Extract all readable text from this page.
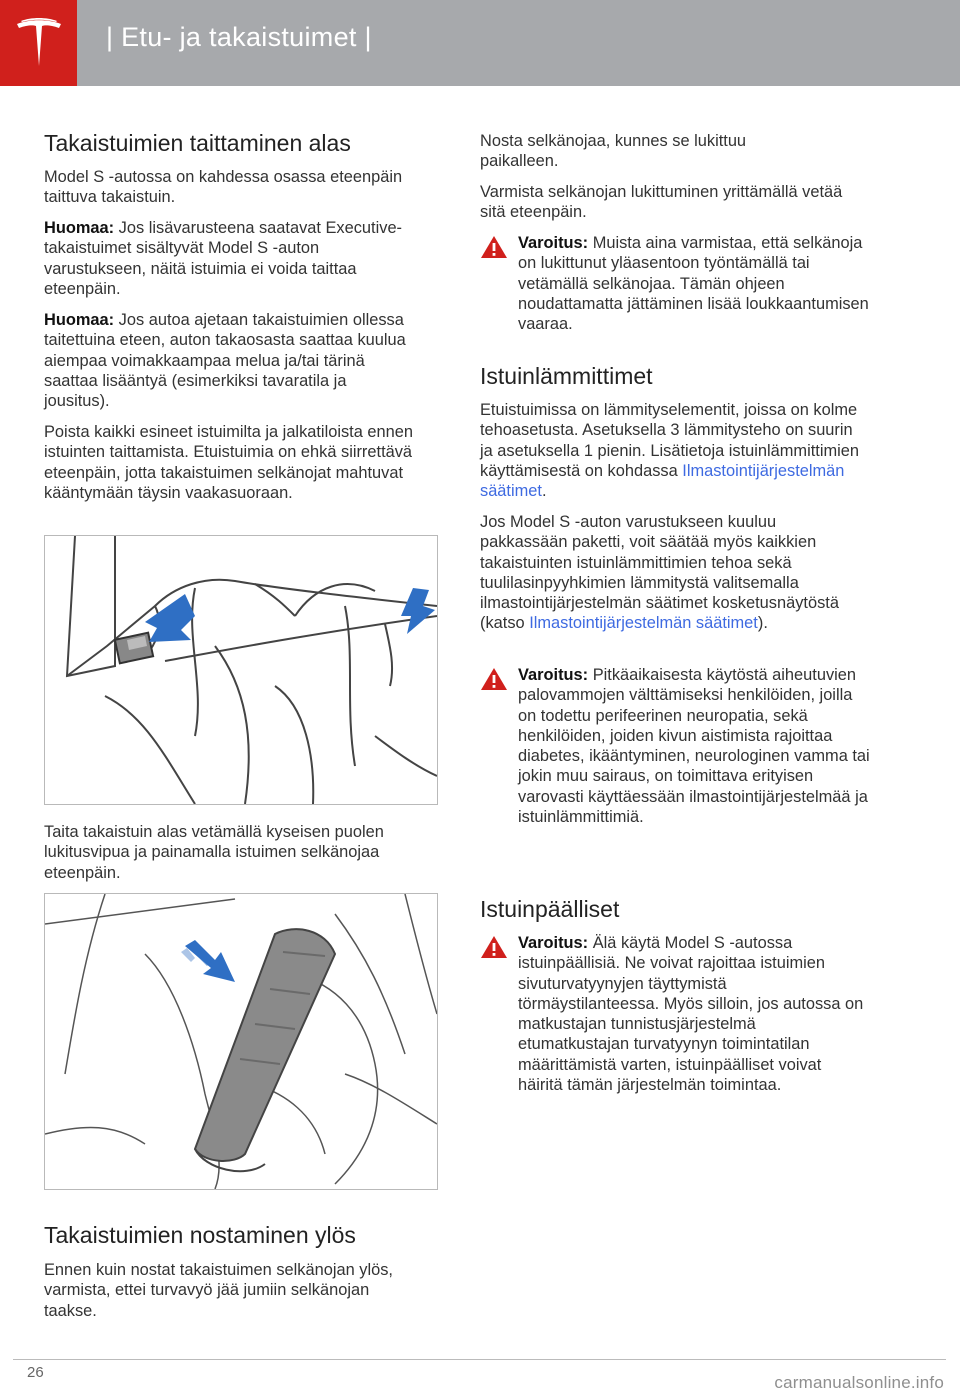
| Etu- ja takaistuimet |
Takaistuimien taittaminen alas

Model S -autossa on kahdessa osassa eteenpäin taittuva takaistuin.

Huomaa: Jos lisävarusteena saatavat Executive-takaistuimet sisältyvät Model S -auton varustukseen, näitä istuimia ei voida taittaa eteenpäin.

Huomaa: Jos autoa ajetaan takaistuimien ollessa taitettuina eteen, auton takaosasta saattaa kuulua aiempaa voimakkaampaa melua ja/tai tärinä saattaa lisääntyä (esimerkiksi tavaratila ja jousitus).

Poista kaikki esineet istuimilta ja jalkatiloista ennen istuinten taittamista. Etuistuimia on ehkä siirrettävä eteenpäin, jotta takaistuimen selkänojat mahtuvat kääntymään täysin vaakasuoraan.

Taita takaistuin alas vetämällä kyseisen puolen lukitusvipua ja painamalla istuimen selkänojaa eteenpäin.

Takaistuimien nostaminen ylös

Ennen kuin nostat takaistuimen selkänojan ylös, varmista, ettei turvavyö jää jumiin selkänojan taakse.

Nosta selkänojaa, kunnes se lukittuu paikalleen.

Varmista selkänojan lukittuminen yrittämällä vetää sitä eteenpäin.

Varoitus: Muista aina varmistaa, että selkänoja on lukittunut yläasentoon työntämällä tai vetämällä selkänojaa. Tämän ohjeen noudattamatta jättäminen lisää loukkaantumisen vaaraa.
Istuinlämmittimet

Etuistuimissa on lämmityselementit, joissa on kolme tehoasetusta. Asetuksella 3 lämmitysteho on suurin ja asetuksella 1 pienin. Lisätietoja istuinlämmittimien käyttämisestä on kohdassa Ilmastointijärjestelmän säätimet.

Jos Model S -auton varustukseen kuuluu pakkassään paketti, voit säätää myös kaikkien takaistuinten istuinlämmittimien tehoa sekä tuulilasinpyyhkimien lämmitystä valitsemalla ilmastointijärjestelmän säätimet kosketusnäytöstä (katso Ilmastointijärjestelmän säätimet).

Varoitus: Pitkäaikaisesta käytöstä aiheutuvien palovammojen välttämiseksi henkilöiden, joilla on todettu perifeerinen neuropatia, sekä henkilöiden, joiden kivun aistimista rajoittaa diabetes, ikääntyminen, neurologinen vamma tai jokin muu sairaus, on toimittava erityisen varovasti käyttäessään ilmastointijärjestelmää ja istuinlämmittimiä.
Istuinpäälliset
Varoitus: Älä käytä Model S -autossa istuinpäällisiä. Ne voivat rajoittaa istuimien sivuturvatyynyjen täyttymistä törmäystilanteessa. Myös silloin, jos autossa on matkustajan tunnistusjärjestelmä etumatkustajan turvatyynyn toimintatilan määrittämistä varten, istuinpäälliset voivat häiritä tämän järjestelmän toimintaa.
26
carmanualsonline.info
